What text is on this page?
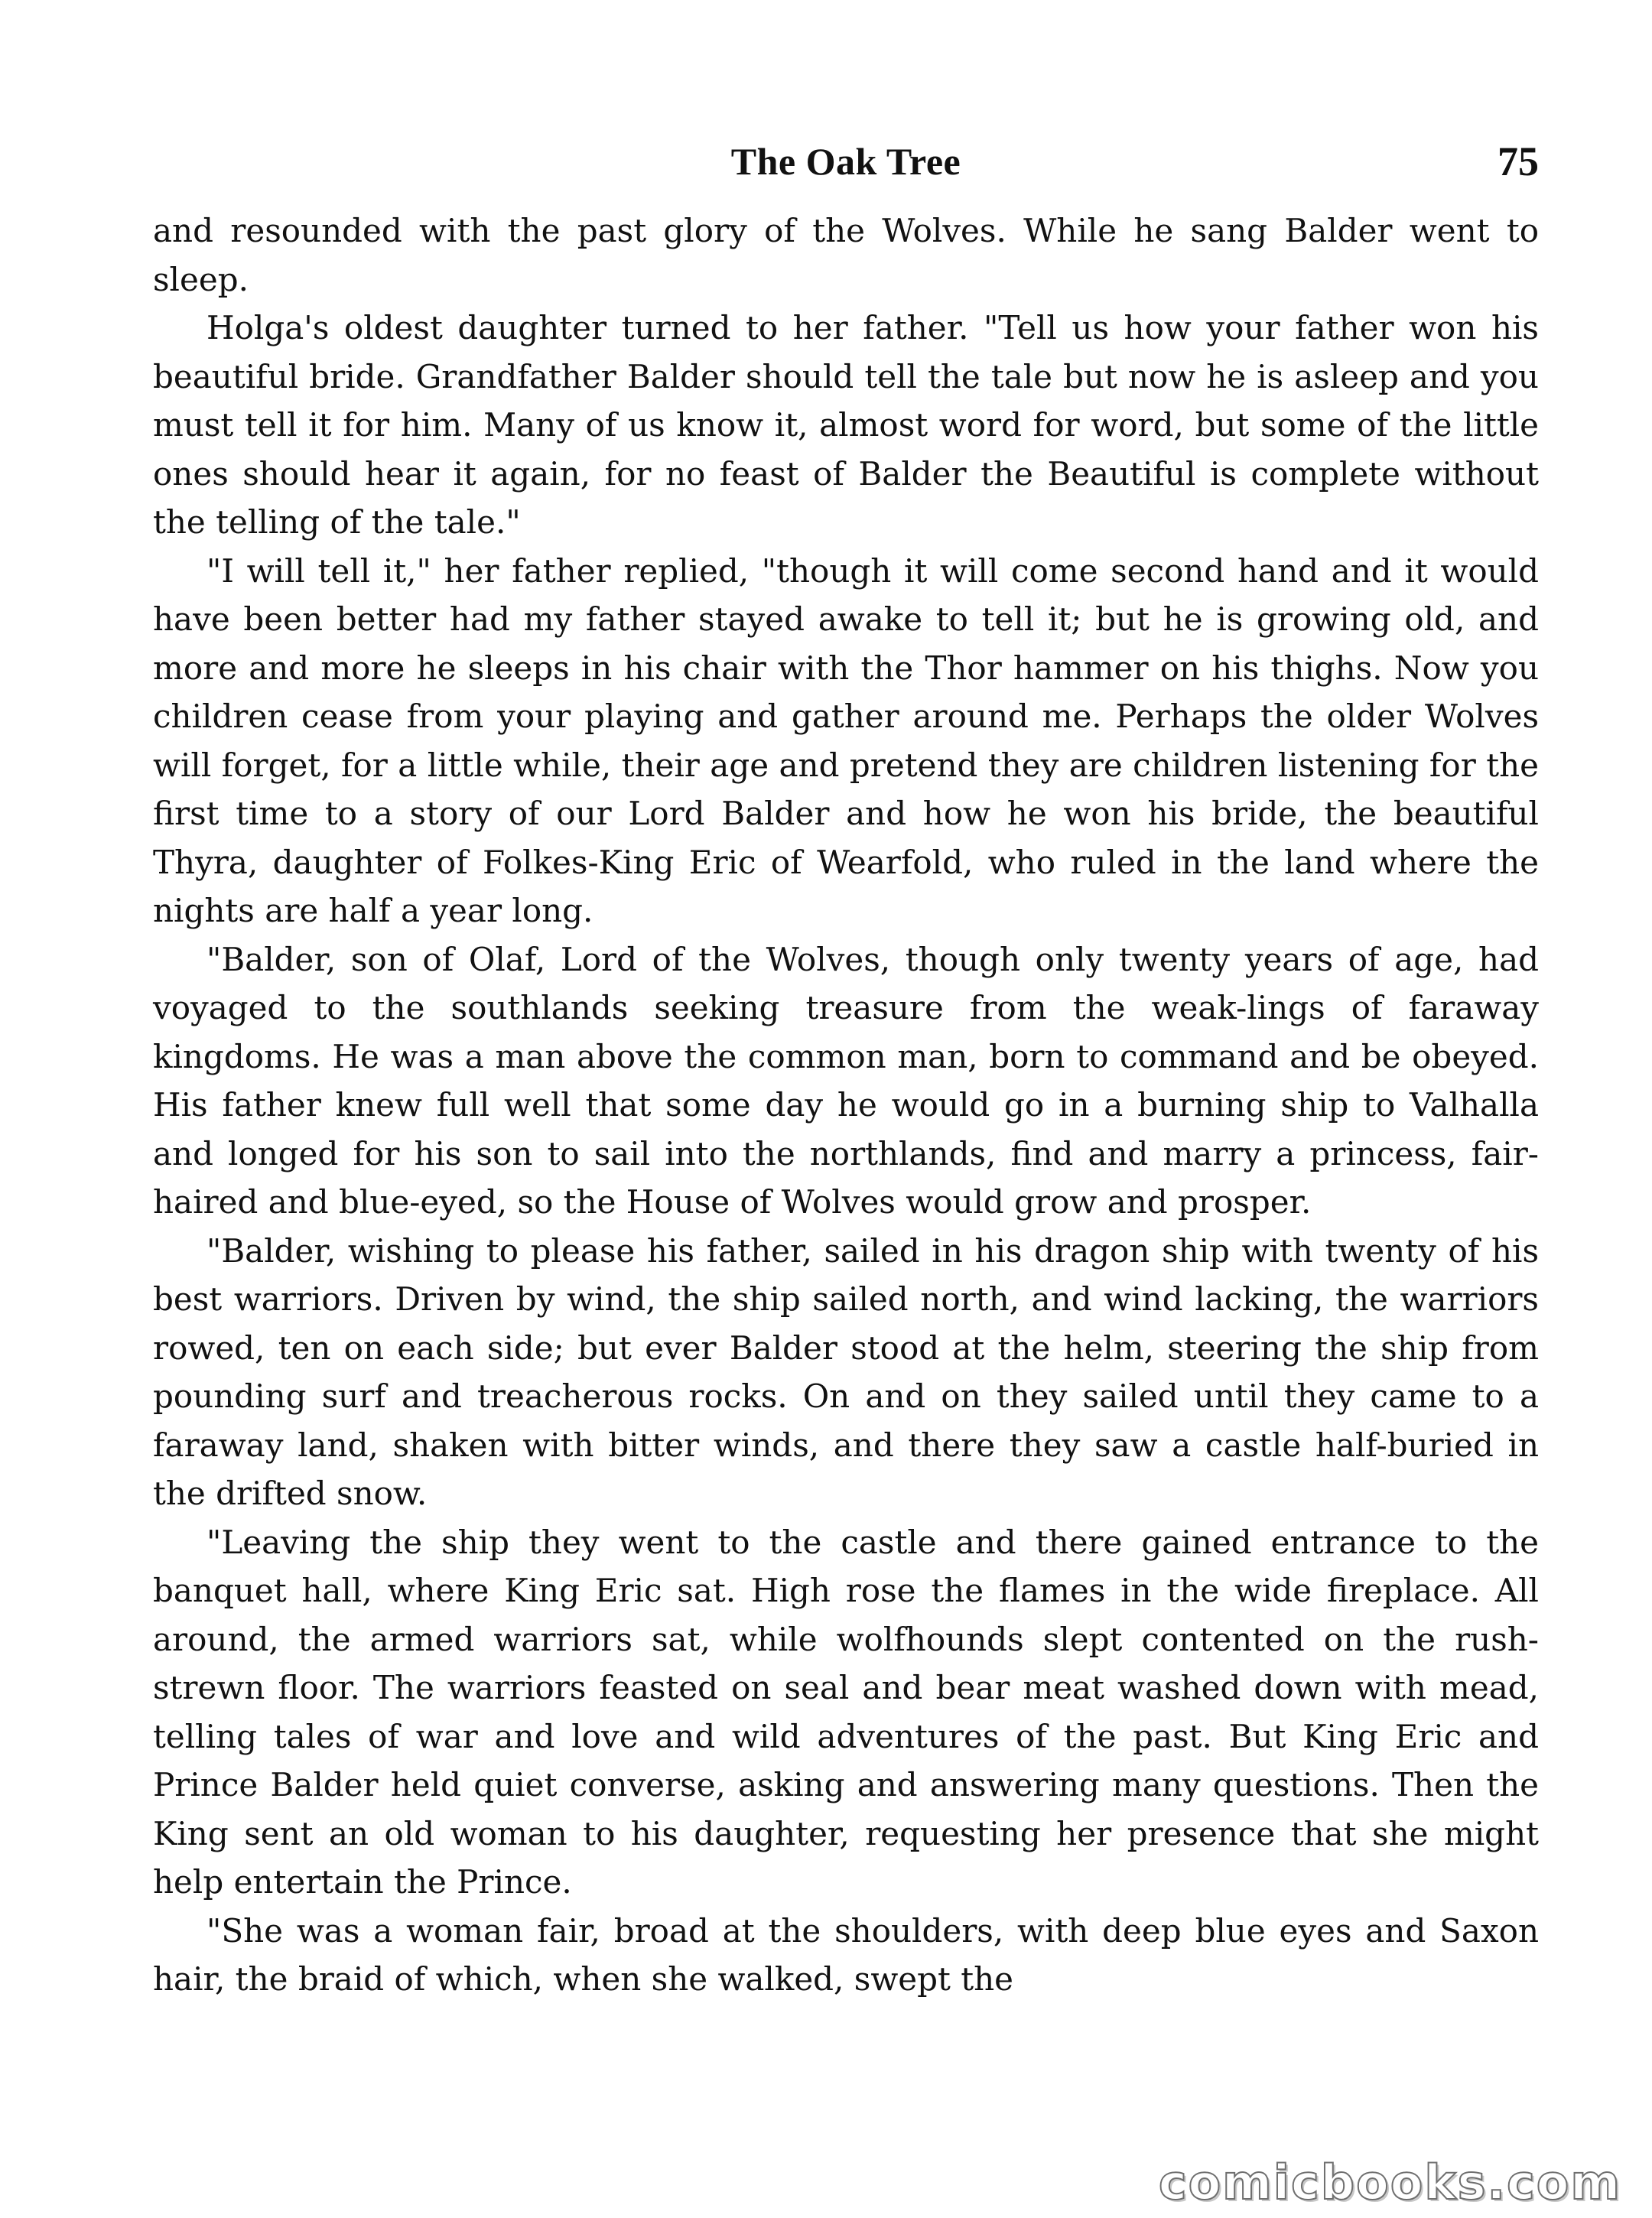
The Oak Tree	75

and resounded with the past glory of the Wolves. While he sang Balder went to sleep.

Holga's oldest daughter turned to her father. "Tell us how your father won his beautiful bride. Grandfather Balder should tell the tale but now he is asleep and you must tell it for him. Many of us know it, almost word for word, but some of the little ones should hear it again, for no feast of Balder the Beautiful is complete without the telling of the tale."

"I will tell it," her father replied, "though it will come second hand and it would have been better had my father stayed awake to tell it; but he is growing old, and more and more he sleeps in his chair with the Thor hammer on his thighs. Now you children cease from your playing and gather around me. Perhaps the older Wolves will forget, for a little while, their age and pretend they are children listening for the first time to a story of our Lord Balder and how he won his bride, the beautiful Thyra, daughter of Folkes-King Eric of Wearfold, who ruled in the land where the nights are half a year long.

"Balder, son of Olaf, Lord of the Wolves, though only twenty years of age, had voyaged to the southlands seeking treasure from the weak-lings of faraway kingdoms. He was a man above the common man, born to command and be obeyed. His father knew full well that some day he would go in a burning ship to Valhalla and longed for his son to sail into the northlands, find and marry a princess, fair-haired and blue-eyed, so the House of Wolves would grow and prosper.

"Balder, wishing to please his father, sailed in his dragon ship with twenty of his best warriors. Driven by wind, the ship sailed north, and wind lacking, the warriors rowed, ten on each side; but ever Balder stood at the helm, steering the ship from pounding surf and treacherous rocks. On and on they sailed until they came to a faraway land, shaken with bitter winds, and there they saw a castle half-buried in the drifted snow.

"Leaving the ship they went to the castle and there gained entrance to the banquet hall, where King Eric sat. High rose the flames in the wide fireplace. All around, the armed warriors sat, while wolfhounds slept contented on the rush-strewn floor. The warriors feasted on seal and bear meat washed down with mead, telling tales of war and love and wild adventures of the past. But King Eric and Prince Balder held quiet converse, asking and answering many questions. Then the King sent an old woman to his daughter, requesting her presence that she might help entertain the Prince.

"She was a woman fair, broad at the shoulders, with deep blue eyes and Saxon hair, the braid of which, when she walked, swept the

comicbooks.com
